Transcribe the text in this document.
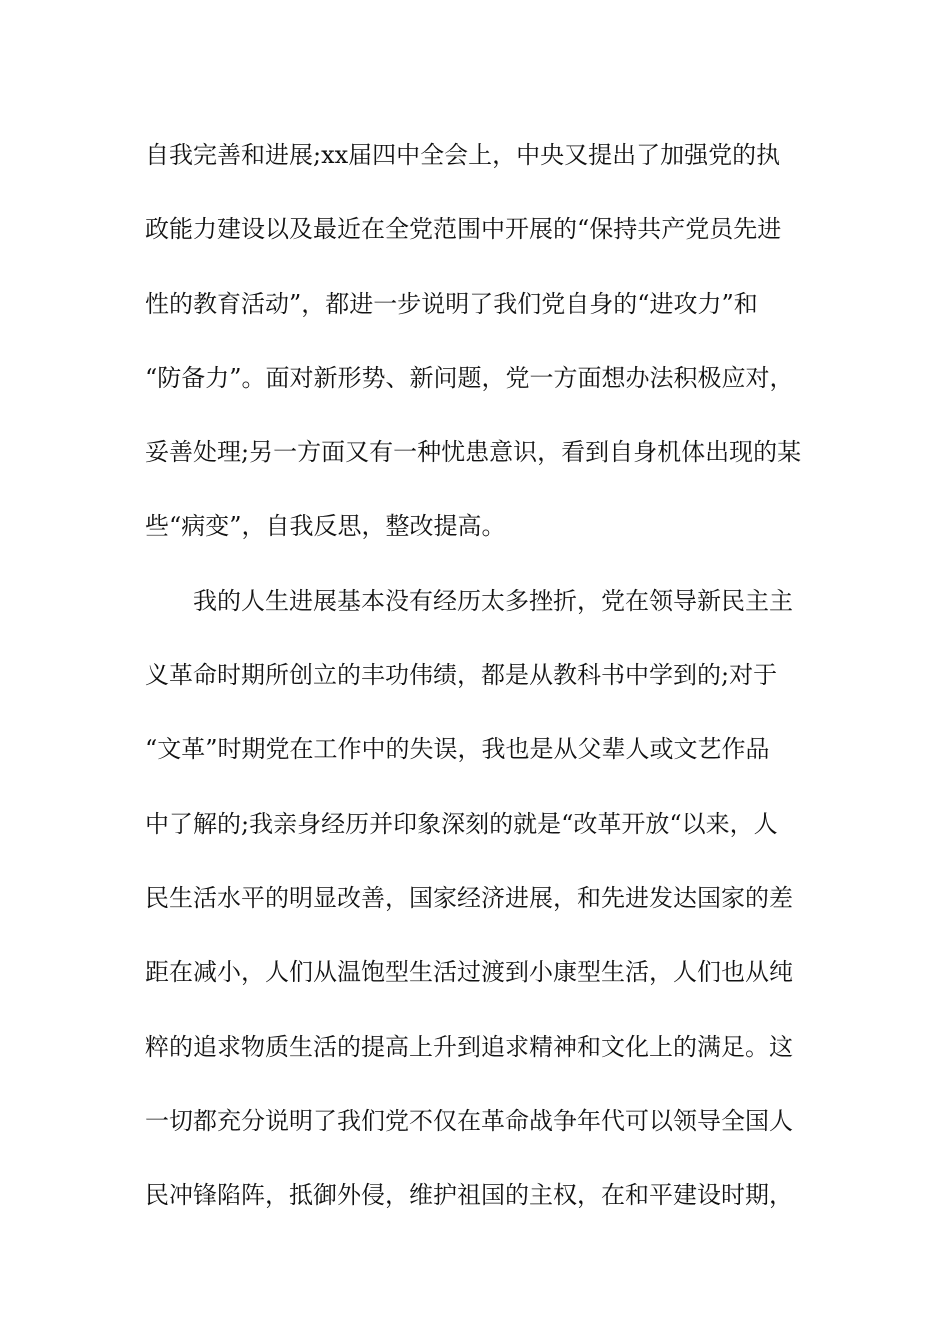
自我完善和进展;xx届四中全会上，中央又提出了加强党的执
政能力建设以及最近在全党范围中开展的“保持共产党员先进
性的教育活动”，都进一步说明了我们党自身的“进攻力”和
“防备力”。面对新形势、新问题，党一方面想办法积极应对，
妥善处理;另一方面又有一种忧患意识，看到自身机体出现的某
些“病变”，自我反思，整改提高。
我的人生进展基本没有经历太多挫折，党在领导新民主主
义革命时期所创立的丰功伟绩，都是从教科书中学到的;对于
“文革”时期党在工作中的失误，我也是从父辈人或文艺作品
中了解的;我亲身经历并印象深刻的就是“改革开放“以来，人
民生活水平的明显改善，国家经济进展，和先进发达国家的差
距在减小，人们从温饱型生活过渡到小康型生活，人们也从纯
粹的追求物质生活的提高上升到追求精神和文化上的满足。这
一切都充分说明了我们党不仅在革命战争年代可以领导全国人
民冲锋陷阵，抵御外侵，维护祖国的主权，在和平建设时期，
